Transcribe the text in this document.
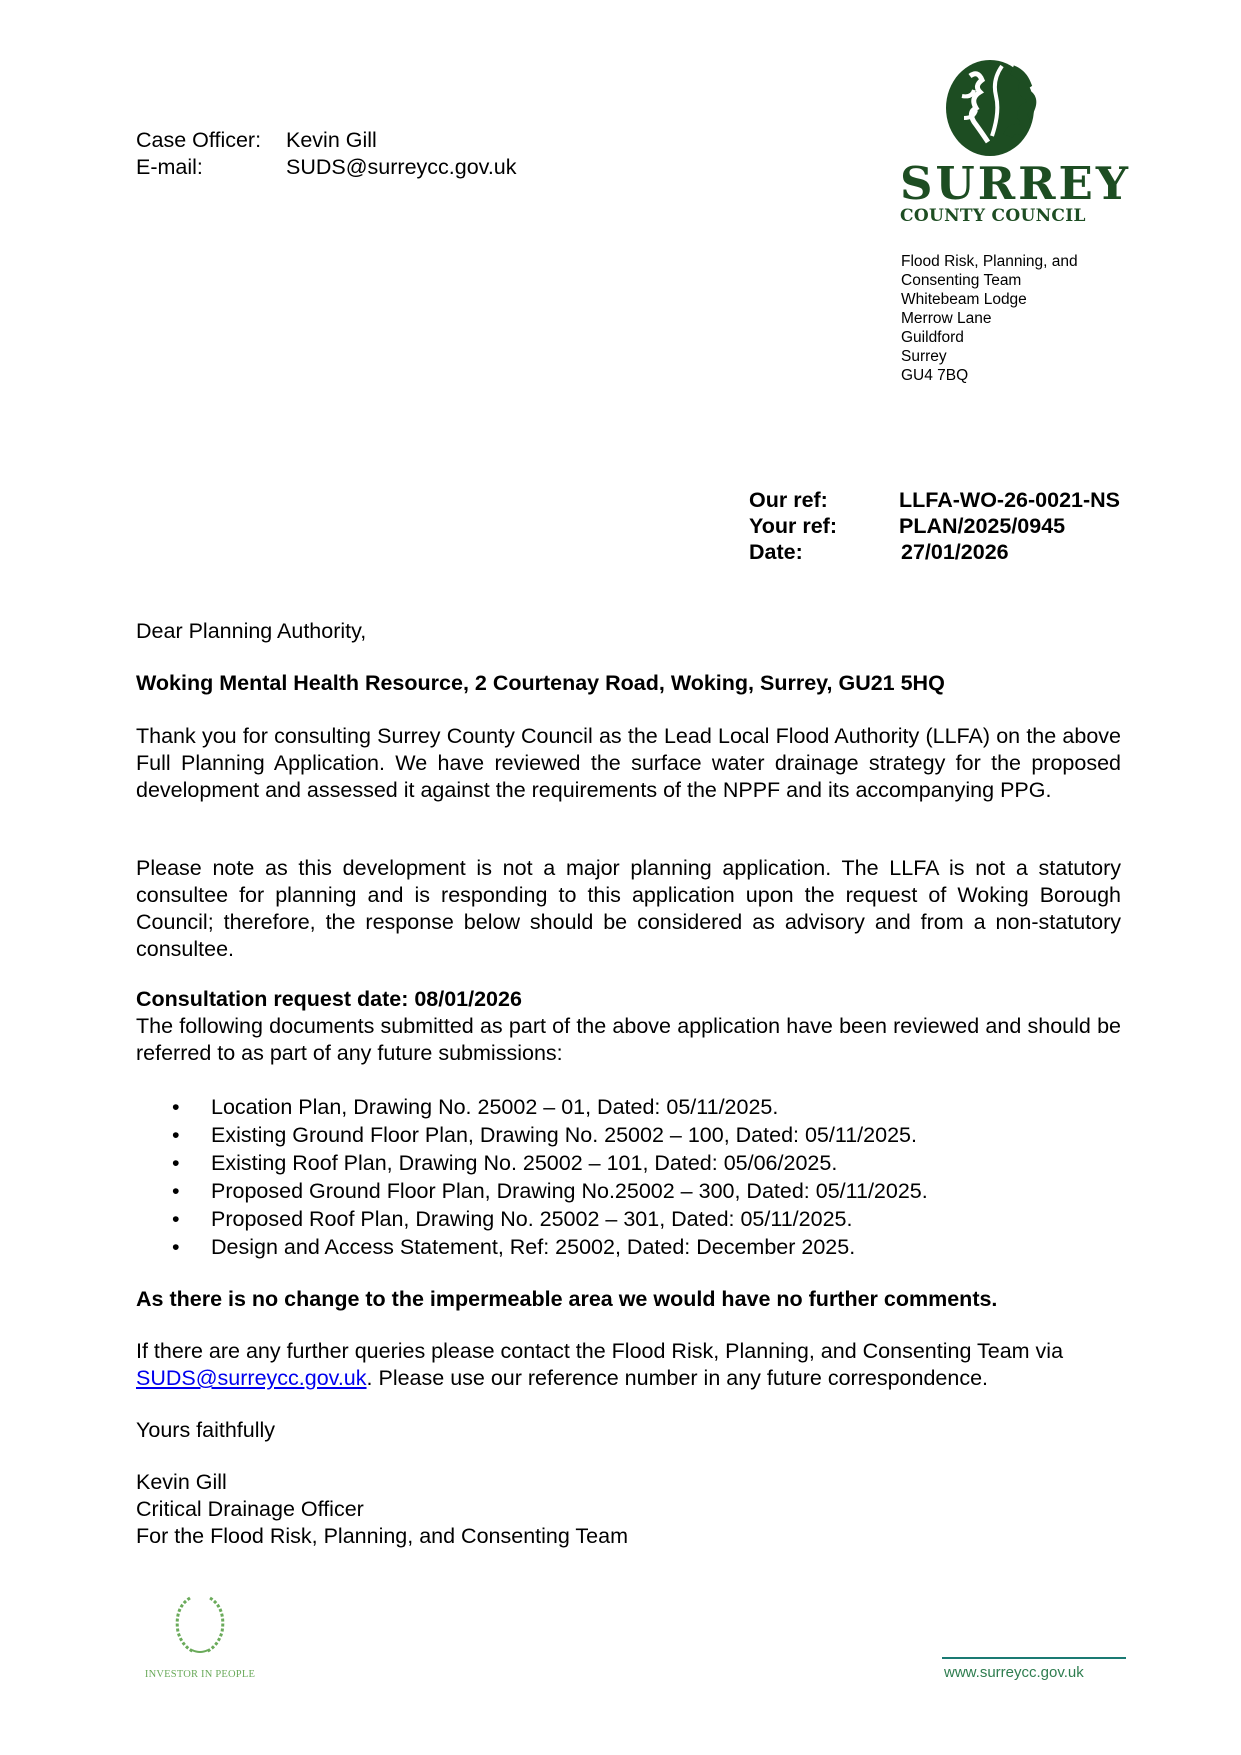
Case Officer:	Kevin Gill
E-mail:	SUDS@surreycc.gov.uk	SURREY
COUNTY COUNCIL
Flood Risk, Planning, and
Consenting Team
Whitebeam Lodge
Merrow Lane
Guildford
Surrey
GU4 7BQ
Our ref:	LLFA-WO-26-0021-NS
Your ref:	PLAN/2025/0945
Date:	27/01/2026
Dear Planning Authority,
Woking Mental Health Resource, 2 Courtenay Road, Woking, Surrey, GU21 5HQ
Thank you for consulting Surrey County Council as the Lead Local Flood Authority (LLFA) on the above Full Planning Application. We have reviewed the surface water drainage strategy for the proposed development and assessed it against the requirements of the NPPF and its accompanying PPG.
Please note as this development is not a major planning application. The LLFA is not a statutory consultee for planning and is responding to this application upon the request of Woking Borough Council; therefore, the response below should be considered as advisory and from a non-statutory consultee.
Consultation request date: 08/01/2026
The following documents submitted as part of the above application have been reviewed and should be referred to as part of any future submissions:
• Location Plan, Drawing No. 25002 – 01, Dated: 05/11/2025.
• Existing Ground Floor Plan, Drawing No. 25002 – 100, Dated: 05/11/2025.
• Existing Roof Plan, Drawing No. 25002 – 101, Dated: 05/06/2025.
• Proposed Ground Floor Plan, Drawing No.25002 – 300, Dated: 05/11/2025.
• Proposed Roof Plan, Drawing No. 25002 – 301, Dated: 05/11/2025.
• Design and Access Statement, Ref: 25002, Dated: December 2025.
As there is no change to the impermeable area we would have no further comments.
If there are any further queries please contact the Flood Risk, Planning, and Consenting Team via SUDS@surreycc.gov.uk. Please use our reference number in any future correspondence.
Yours faithfully
Kevin Gill
Critical Drainage Officer
For the Flood Risk, Planning, and Consenting Team
INVESTOR IN PEOPLE	www.surreycc.gov.uk
